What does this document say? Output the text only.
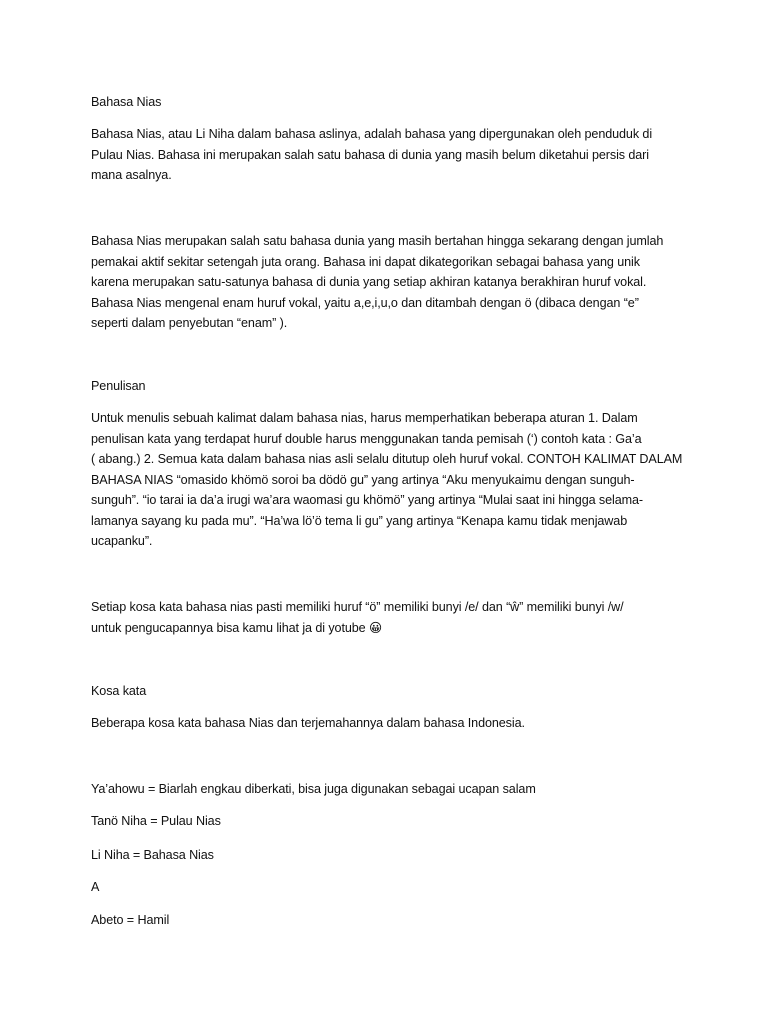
Bahasa Nias

Bahasa Nias, atau Li Niha dalam bahasa aslinya, adalah bahasa yang dipergunakan oleh penduduk di
Pulau Nias. Bahasa ini merupakan salah satu bahasa di dunia yang masih belum diketahui persis dari
mana asalnya.

Bahasa Nias merupakan salah satu bahasa dunia yang masih bertahan hingga sekarang dengan jumlah
pemakai aktif sekitar setengah juta orang. Bahasa ini dapat dikategorikan sebagai bahasa yang unik
karena merupakan satu-satunya bahasa di dunia yang setiap akhiran katanya berakhiran huruf vokal.
Bahasa Nias mengenal enam huruf vokal, yaitu a,e,i,u,o dan ditambah dengan ö (dibaca dengan “e”
seperti dalam penyebutan “enam” ).

Penulisan

Untuk menulis sebuah kalimat dalam bahasa nias, harus memperhatikan beberapa aturan 1. Dalam
penulisan kata yang terdapat huruf double harus menggunakan tanda pemisah (‘) contoh kata : Ga’a
( abang.) 2. Semua kata dalam bahasa nias asli selalu ditutup oleh huruf vokal. CONTOH KALIMAT DALAM
BAHASA NIAS “omasido khömö soroi ba dödö gu” yang artinya “Aku menyukaimu dengan sunguh-
sunguh”. “io tarai ia da’a irugi wa’ara waomasi gu khömö” yang artinya “Mulai saat ini hingga selama-
lamanya sayang ku pada mu”. “Ha’wa lö’ö tema li gu” yang artinya “Kenapa kamu tidak menjawab
ucapanku”.

Setiap kosa kata bahasa nias pasti memiliki huruf “ö” memiliki bunyi /e/ dan “ŵ” memiliki bunyi /w/
untuk pengucapannya bisa kamu lihat ja di yotube 😀

Kosa kata

Beberapa kosa kata bahasa Nias dan terjemahannya dalam bahasa Indonesia.

Ya’ahowu = Biarlah engkau diberkati, bisa juga digunakan sebagai ucapan salam

Tanö Niha = Pulau Nias

Li Niha = Bahasa Nias

A

Abeto = Hamil
